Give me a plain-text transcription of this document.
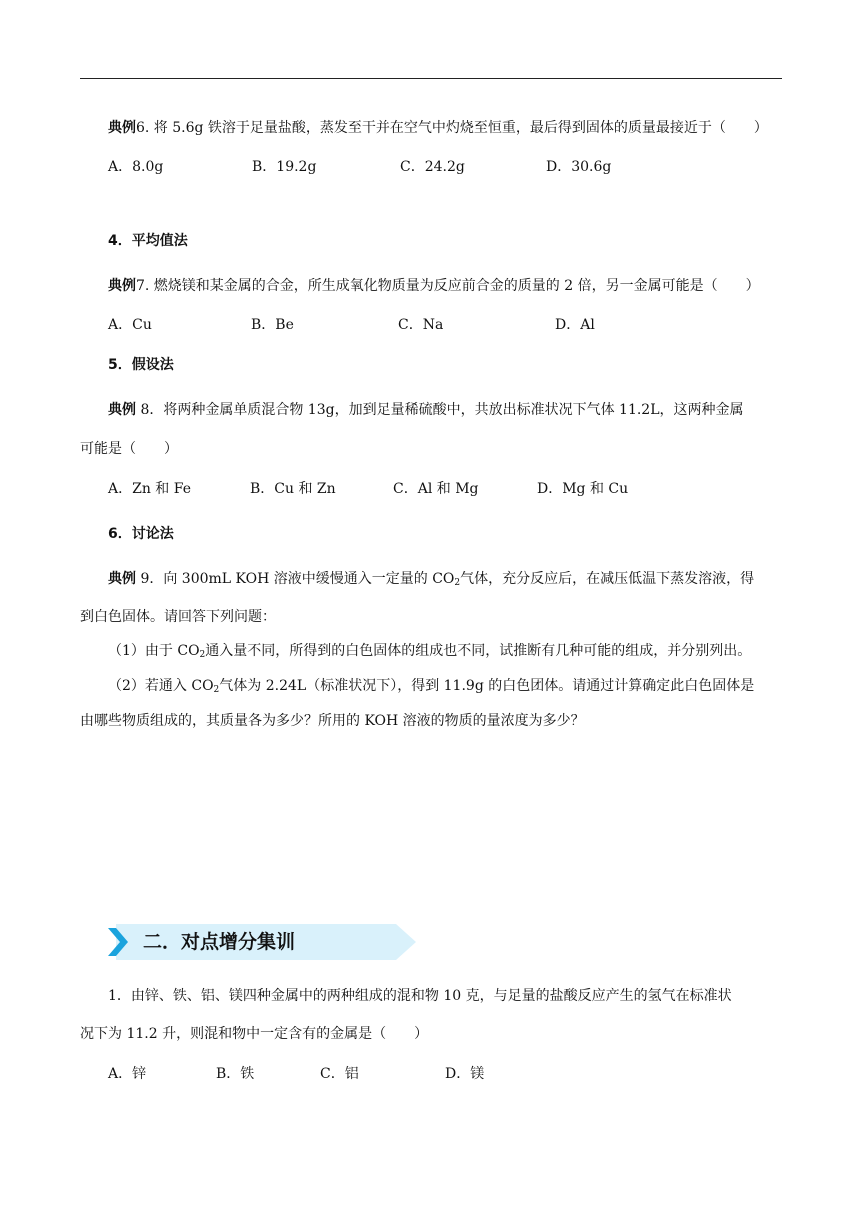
典例6. 将 5.6g 铁溶于足量盐酸，蒸发至干并在空气中灼烧至恒重，最后得到固体的质量最接近于（　　）
A．8.0g	B．19.2g	C．24.2g	D．30.6g
4．平均值法
典例7. 燃烧镁和某金属的合金，所生成氧化物质量为反应前合金的质量的 2 倍，另一金属可能是（　　）
A．Cu	B．Be	C．Na	D．Al
5．假设法
典例 8．将两种金属单质混合物 13g，加到足量稀硫酸中，共放出标准状况下气体 11.2L，这两种金属
可能是（　　）
A．Zn 和 Fe	B．Cu 和 Zn	C．Al 和 Mg	D．Mg 和 Cu
6．讨论法
典例 9．向 300mL KOH 溶液中缓慢通入一定量的 $CO_2$气体，充分反应后，在减压低温下蒸发溶液，得
到白色固体。请回答下列问题：
（1）由于 $CO_2$通入量不同，所得到的白色固体的组成也不同，试推断有几种可能的组成，并分别列出。
（2）若通入 $CO_2$气体为 2.24L（标准状况下），得到 11.9g 的白色团体。请通过计算确定此白色固体是
由哪些物质组成的，其质量各为多少？所用的 KOH 溶液的物质的量浓度为多少？
二．对点增分集训
1．由锌、铁、铝、镁四种金属中的两种组成的混和物 10 克，与足量的盐酸反应产生的氢气在标准状
况下为 11.2 升，则混和物中一定含有的金属是（　　）
A．锌	B．铁	C．铝	D．镁
